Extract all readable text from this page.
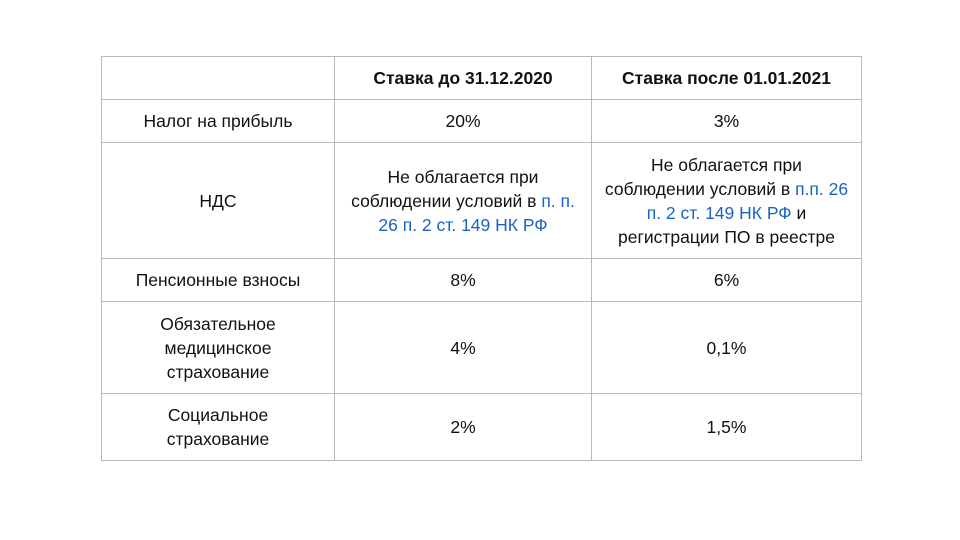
	Ставка до 31.12.2020	Ставка после 01.01.2021
Налог на прибыль	20%	3%
НДС	Не облагается при соблюдении условий в п. п. 26 п. 2 ст. 149 НК РФ	Не облагается при соблюдении условий в п.п. 26 п. 2 ст. 149 НК РФ и регистрации ПО в реестре
Пенсионные взносы	8%	6%
Обязательное медицинское страхование	4%	0,1%
Социальное страхование	2%	1,5%
